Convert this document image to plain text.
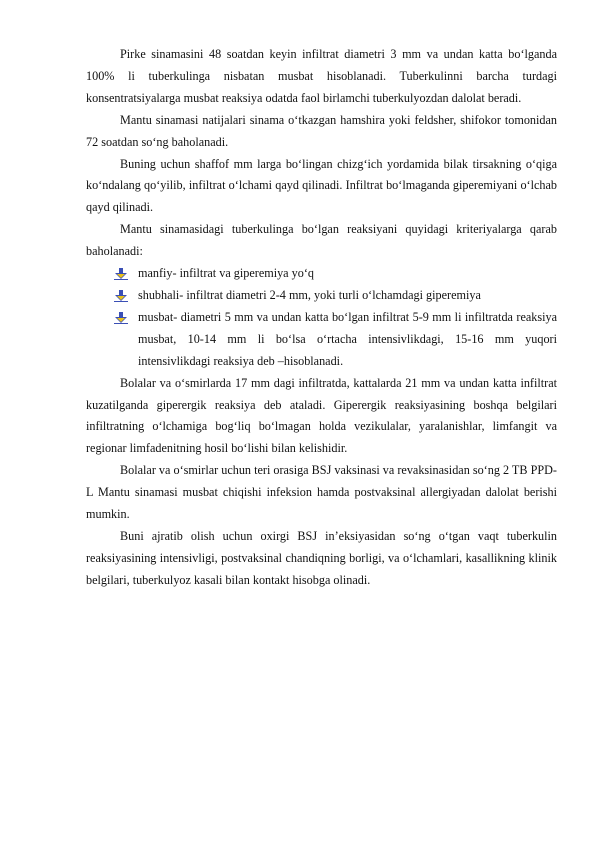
Pirke sinamasini 48 soatdan keyin infiltrat diametri 3 mm va undan katta bo‘lganda 100% li tuberkulinga nisbatan musbat hisoblanadi. Tuberkulinni barcha turdagi konsentratsiyalarga musbat reaksiya odatda faol birlamchi tuberkulyozdan dalolat beradi.

Mantu sinamasi natijalari sinama o‘tkazgan hamshira yoki feldsher, shifokor tomonidan 72 soatdan so‘ng baholanadi.

Buning uchun shaffof mm larga bo‘lingan chizg‘ich yordamida bilak tirsakning o‘qiga ko‘ndalang qo‘yilib, infiltrat o‘lchami qayd qilinadi. Infiltrat bo‘lmaganda giperemiyani o‘lchab qayd qilinadi.

Mantu sinamasidagi tuberkulinga bo‘lgan reaksiyani quyidagi kriteriyalarga qarab baholanadi:

manfiy- infiltrat va giperemiya yo‘q
shubhali- infiltrat diametri 2-4 mm, yoki turli o‘lchamdagi giperemiya
musbat- diametri 5 mm va undan katta bo‘lgan infiltrat 5-9 mm li infiltratda reaksiya musbat, 10-14 mm li bo‘lsa o‘rtacha intensivlikdagi, 15-16 mm yuqori intensivlikdagi reaksiya deb –hisoblanadi.

Bolalar va o‘smirlarda 17 mm dagi infiltratda, kattalarda 21 mm va undan katta infiltrat kuzatilganda giperergik reaksiya deb ataladi. Giperergik reaksiyasining boshqa belgilari infiltratning o‘lchamiga bog‘liq bo‘lmagan holda vezikulalar, yaralanishlar, limfangit va regionar limfadenitning hosil bo‘lishi bilan kelishidir.

Bolalar va o‘smirlar uchun teri orasiga BSJ vaksinasi va revaksinasidan so‘ng 2 TB PPD-L Mantu sinamasi musbat chiqishi infeksion hamda postvaksinal allergiyadan dalolat berishi mumkin.

Buni ajratib olish uchun oxirgi BSJ in’eksiyasidan so‘ng o‘tgan vaqt tuberkulin reaksiyasining intensivligi, postvaksinal chandiqning borligi, va o‘lchamlari, kasallikning klinik belgilari, tuberkulyoz kasali bilan kontakt hisobga olinadi.
